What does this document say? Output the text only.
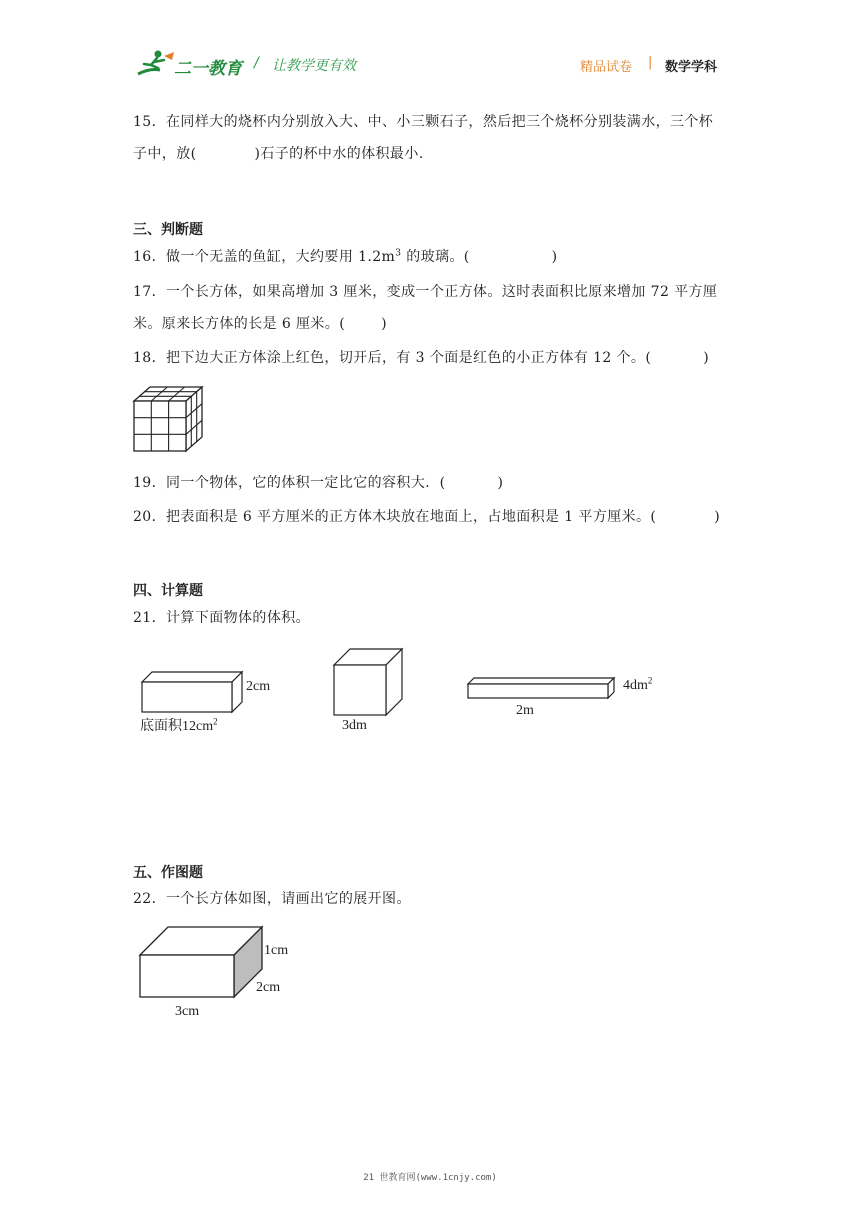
二一教育 / 让教学更有效	精品试卷 | 数学学科
15．在同样大的烧杯内分别放入大、中、小三颗石子，然后把三个烧杯分别装满水，三个杯
子中，放(	)石子的杯中水的体积最小.
三、判断题
16．做一个无盖的鱼缸，大约要用 $1.2m^3$ 的玻璃。(	)
17．一个长方体，如果高增加 3 厘米，变成一个正方体。这时表面积比原来增加 72 平方厘
米。原来长方体的长是 6 厘米。(	)
18．把下边大正方体涂上红色，切开后，有 3 个面是红色的小正方体有 12 个。(	)
19．同一个物体，它的体积一定比它的容积大．(	)
20．把表面积是 6 平方厘米的正方体木块放在地面上，占地面积是 1 平方厘米。(	)
四、计算题
21．计算下面物体的体积。
2cm
底面积$12cm^2$	3dm
$4dm^2$
2m
五、作图题
22．一个长方体如图，请画出它的展开图。
1cm
2cm
3cm
21 世教育网(www.1cnjy.com)
